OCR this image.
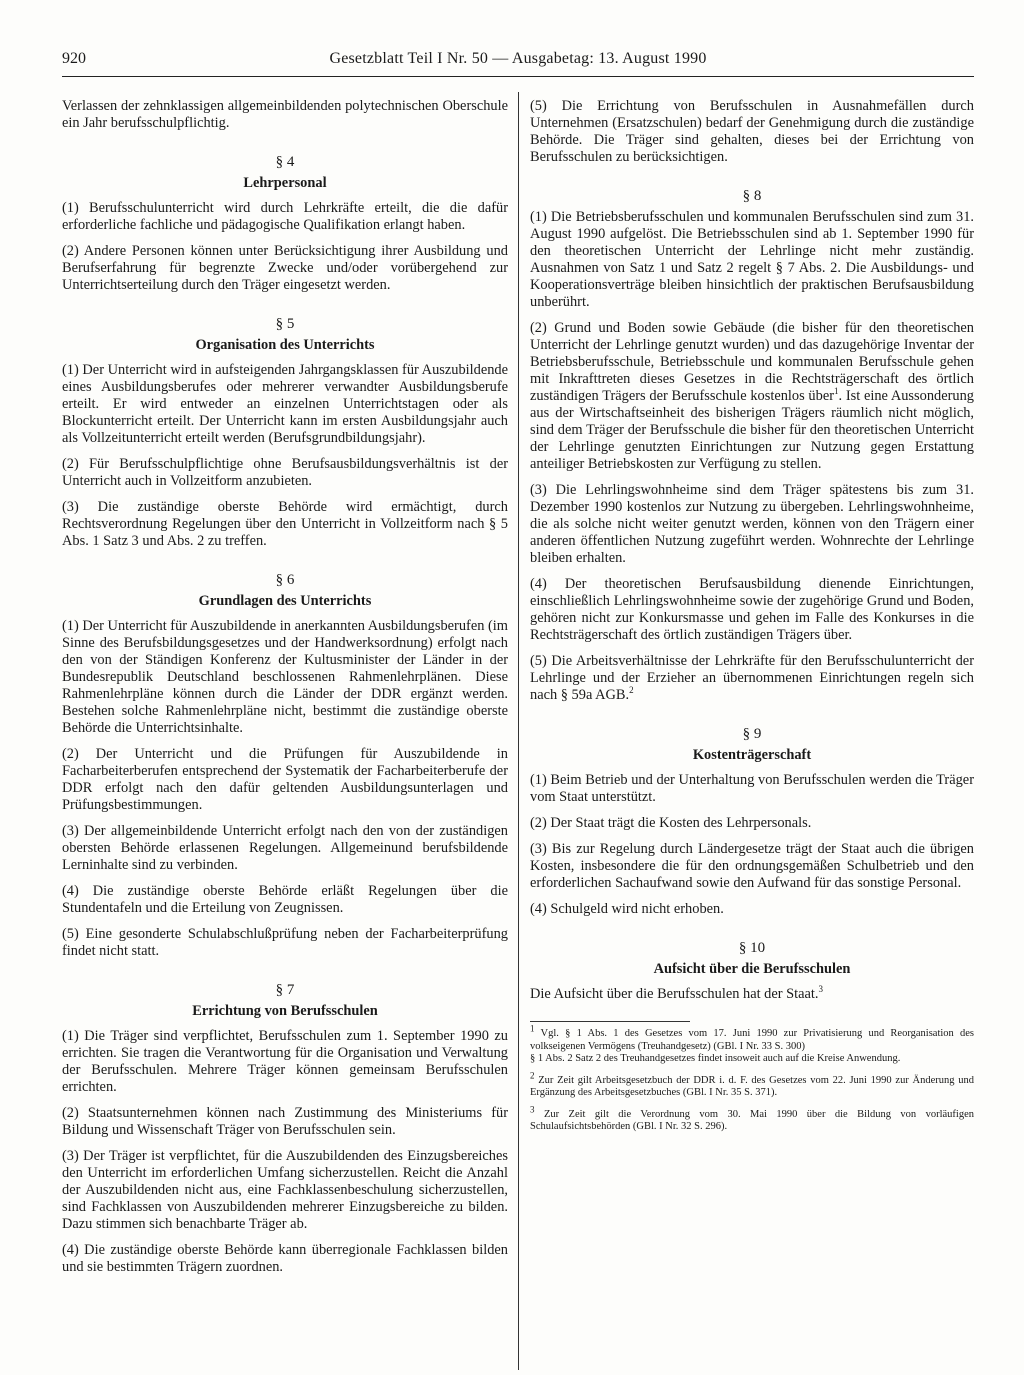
920	Gesetzblatt Teil I Nr. 50 — Ausgabetag: 13. August 1990

Verlassen der zehnklassigen allgemeinbildenden polytechnischen Oberschule ein Jahr berufsschulpflichtig.

§ 4
Lehrpersonal

(1) Berufsschulunterricht wird durch Lehrkräfte erteilt, die die dafür erforderliche fachliche und pädagogische Qualifikation erlangt haben.

(2) Andere Personen können unter Berücksichtigung ihrer Ausbildung und Berufserfahrung für begrenzte Zwecke und/oder vorübergehend zur Unterrichtserteilung durch den Träger eingesetzt werden.

§ 5
Organisation des Unterrichts

(1) Der Unterricht wird in aufsteigenden Jahrgangsklassen für Auszubildende eines Ausbildungsberufes oder mehrerer verwandter Ausbildungsberufe erteilt. Er wird entweder an einzelnen Unterrichtstagen oder als Blockunterricht erteilt. Der Unterricht kann im ersten Ausbildungsjahr auch als Vollzeitunterricht erteilt werden (Berufsgrundbildungsjahr).

(2) Für Berufsschulpflichtige ohne Berufsausbildungsverhältnis ist der Unterricht auch in Vollzeitform anzubieten.

(3) Die zuständige oberste Behörde wird ermächtigt, durch Rechtsverordnung Regelungen über den Unterricht in Vollzeitform nach § 5 Abs. 1 Satz 3 und Abs. 2 zu treffen.

§ 6
Grundlagen des Unterrichts

(1) Der Unterricht für Auszubildende in anerkannten Ausbildungsberufen (im Sinne des Berufsbildungsgesetzes und der Handwerksordnung) erfolgt nach den von der Ständigen Konferenz der Kultusminister der Länder in der Bundesrepublik Deutschland beschlossenen Rahmenlehrplänen. Diese Rahmenlehrpläne können durch die Länder der DDR ergänzt werden. Bestehen solche Rahmenlehrpläne nicht, bestimmt die zuständige oberste Behörde die Unterrichtsinhalte.

(2) Der Unterricht und die Prüfungen für Auszubildende in Facharbeiterberufen entsprechend der Systematik der Facharbeiterberufe der DDR erfolgt nach den dafür geltenden Ausbildungsunterlagen und Prüfungsbestimmungen.

(3) Der allgemeinbildende Unterricht erfolgt nach den von der zuständigen obersten Behörde erlassenen Regelungen. Allgemeinund berufsbildende Lerninhalte sind zu verbinden.

(4) Die zuständige oberste Behörde erläßt Regelungen über die Stundentafeln und die Erteilung von Zeugnissen.

(5) Eine gesonderte Schulabschlußprüfung neben der Facharbeiterprüfung findet nicht statt.

§ 7
Errichtung von Berufsschulen

(1) Die Träger sind verpflichtet, Berufsschulen zum 1. September 1990 zu errichten. Sie tragen die Verantwortung für die Organisation und Verwaltung der Berufsschulen. Mehrere Träger können gemeinsam Berufsschulen errichten.

(2) Staatsunternehmen können nach Zustimmung des Ministeriums für Bildung und Wissenschaft Träger von Berufsschulen sein.

(3) Der Träger ist verpflichtet, für die Auszubildenden des Einzugsbereiches den Unterricht im erforderlichen Umfang sicherzustellen. Reicht die Anzahl der Auszubildenden nicht aus, eine Fachklassenbeschulung sicherzustellen, sind Fachklassen von Auszubildenden mehrerer Einzugsbereiche zu bilden. Dazu stimmen sich benachbarte Träger ab.

(4) Die zuständige oberste Behörde kann überregionale Fachklassen bilden und sie bestimmten Trägern zuordnen.

(5) Die Errichtung von Berufsschulen in Ausnahmefällen durch Unternehmen (Ersatzschulen) bedarf der Genehmigung durch die zuständige Behörde. Die Träger sind gehalten, dieses bei der Errichtung von Berufsschulen zu berücksichtigen.

§ 8

(1) Die Betriebsberufsschulen und kommunalen Berufsschulen sind zum 31. August 1990 aufgelöst. Die Betriebsschulen sind ab 1. September 1990 für den theoretischen Unterricht der Lehrlinge nicht mehr zuständig. Ausnahmen von Satz 1 und Satz 2 regelt § 7 Abs. 2. Die Ausbildungs- und Kooperationsverträge bleiben hinsichtlich der praktischen Berufsausbildung unberührt.

(2) Grund und Boden sowie Gebäude (die bisher für den theoretischen Unterricht der Lehrlinge genutzt wurden) und das dazugehörige Inventar der Betriebsberufsschule, Betriebsschule und kommunalen Berufsschule gehen mit Inkrafttreten dieses Gesetzes in die Rechtsträgerschaft des örtlich zuständigen Trägers der Berufsschule kostenlos über$^1$. Ist eine Aussonderung aus der Wirtschaftseinheit des bisherigen Trägers räumlich nicht möglich, sind dem Träger der Berufsschule die bisher für den theoretischen Unterricht der Lehrlinge genutzten Einrichtungen zur Nutzung gegen Erstattung anteiliger Betriebskosten zur Verfügung zu stellen.

(3) Die Lehrlingswohnheime sind dem Träger spätestens bis zum 31. Dezember 1990 kostenlos zur Nutzung zu übergeben. Lehrlingswohnheime, die als solche nicht weiter genutzt werden, können von den Trägern einer anderen öffentlichen Nutzung zugeführt werden. Wohnrechte der Lehrlinge bleiben erhalten.

(4) Der theoretischen Berufsausbildung dienende Einrichtungen, einschließlich Lehrlingswohnheime sowie der zugehörige Grund und Boden, gehören nicht zur Konkursmasse und gehen im Falle des Konkurses in die Rechtsträgerschaft des örtlich zuständigen Trägers über.

(5) Die Arbeitsverhältnisse der Lehrkräfte für den Berufsschulunterricht der Lehrlinge und der Erzieher an übernommenen Einrichtungen regeln sich nach § 59a AGB.$^2$

§ 9
Kostenträgerschaft

(1) Beim Betrieb und der Unterhaltung von Berufsschulen werden die Träger vom Staat unterstützt.

(2) Der Staat trägt die Kosten des Lehrpersonals.

(3) Bis zur Regelung durch Ländergesetze trägt der Staat auch die übrigen Kosten, insbesondere die für den ordnungsgemäßen Schulbetrieb und den erforderlichen Sachaufwand sowie den Aufwand für das sonstige Personal.

(4) Schulgeld wird nicht erhoben.

§ 10
Aufsicht über die Berufsschulen

Die Aufsicht über die Berufsschulen hat der Staat.$^3$

$^1$ Vgl. § 1 Abs. 1 des Gesetzes vom 17. Juni 1990 zur Privatisierung und Reorganisation des volkseigenen Vermögens (Treuhandgesetz) (GBl. I Nr. 33 S. 300)
§ 1 Abs. 2 Satz 2 des Treuhandgesetzes findet insoweit auch auf die Kreise Anwendung.

$^2$ Zur Zeit gilt Arbeitsgesetzbuch der DDR i. d. F. des Gesetzes vom 22. Juni 1990 zur Änderung und Ergänzung des Arbeitsgesetzbuches (GBl. I Nr. 35 S. 371).

$^3$ Zur Zeit gilt die Verordnung vom 30. Mai 1990 über die Bildung von vorläufigen Schulaufsichtsbehörden (GBl. I Nr. 32 S. 296).
